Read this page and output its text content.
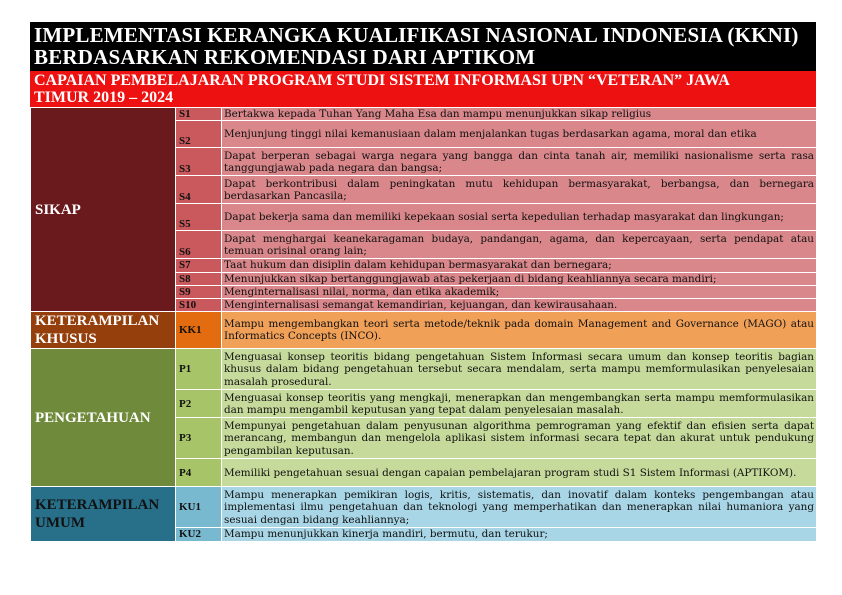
IMPLEMENTASI KERANGKA KUALIFIKASI NASIONAL INDONESIA (KKNI)
BERDASARKAN REKOMENDASI DARI APTIKOM
CAPAIAN PEMBELAJARAN PROGRAM STUDI SISTEM INFORMASI UPN “VETERAN” JAWA
TIMUR 2019 – 2024
SIKAP	S1	Bertakwa kepada Tuhan Yang Maha Esa dan mampu menunjukkan sikap religius
	S2	Menjunjung tinggi nilai kemanusiaan dalam menjalankan tugas berdasarkan agama, moral dan etika
	S3	Dapat berperan sebagai warga negara yang bangga dan cinta tanah air, memiliki nasionalisme serta rasa tanggungjawab pada negara dan bangsa;
	S4	Dapat berkontribusi dalam peningkatan mutu kehidupan bermasyarakat, berbangsa, dan bernegara berdasarkan Pancasila;
	S5	Dapat bekerja sama dan memiliki kepekaan sosial serta kepedulian terhadap masyarakat dan lingkungan;
	S6	Dapat menghargai keanekaragaman budaya, pandangan, agama, dan kepercayaan, serta pendapat atau temuan orisinal orang lain;
	S7	Taat hukum dan disiplin dalam kehidupan bermasyarakat dan bernegara;
	S8	Menunjukkan sikap bertanggungjawab atas pekerjaan di bidang keahliannya secara mandiri;
	S9	Menginternalisasi nilai, norma, dan etika akademik;
	S10	Menginternalisasi semangat kemandirian, kejuangan, dan kewirausahaan.

KETERAMPILAN
KHUSUS	KK1	Mampu mengembangkan teori serta metode/teknik pada domain Management and Governance (MAGO) atau Informatics Concepts (INCO).
PENGETAHUAN	P1	Menguasai konsep teoritis bidang pengetahuan Sistem Informasi secara umum dan konsep teoritis bagian khusus dalam bidang pengetahuan tersebut secara mendalam, serta mampu memformulasikan penyelesaian masalah prosedural.
	P2	Menguasai konsep teoritis yang mengkaji, menerapkan dan mengembangkan serta mampu memformulasikan dan mampu mengambil keputusan yang tepat dalam penyelesaian masalah.
	P3	Mempunyai pengetahuan dalam penyusunan algorithma pemrograman yang efektif dan efisien serta dapat merancang, membangun dan mengelola aplikasi sistem informasi secara tepat dan akurat untuk pendukung pengambilan keputusan.
	P4	Memiliki pengetahuan sesuai dengan capaian pembelajaran program studi S1 Sistem Informasi (APTIKOM).

KETERAMPILAN
UMUM	KU1	Mampu menerapkan pemikiran logis, kritis, sistematis, dan inovatif dalam konteks pengembangan atau implementasi ilmu pengetahuan dan teknologi yang memperhatikan dan menerapkan nilai humaniora yang sesuai dengan bidang keahliannya;
	KU2	Mampu menunjukkan kinerja mandiri, bermutu, dan terukur;
